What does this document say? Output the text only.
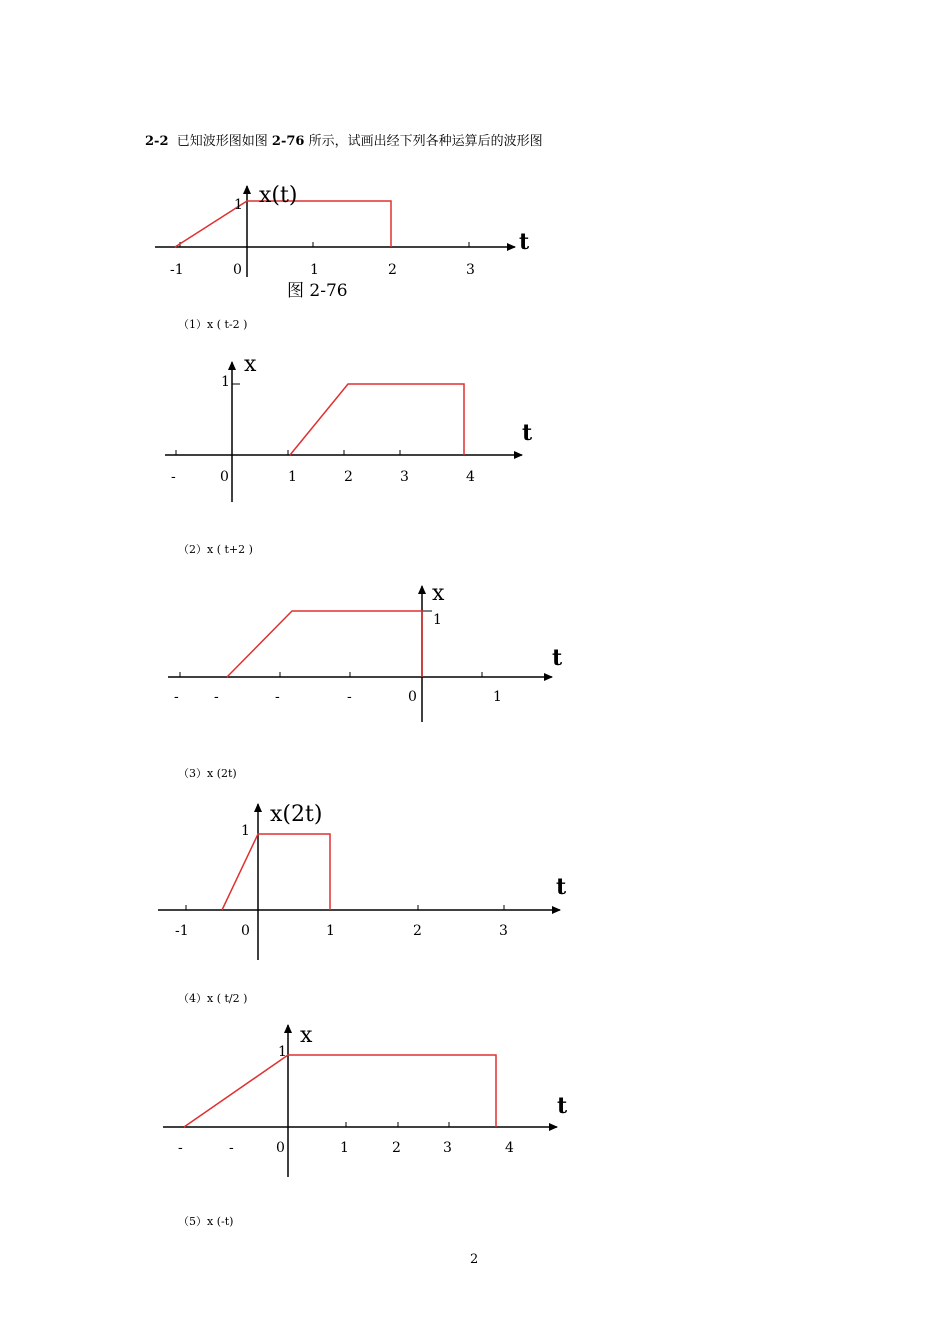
2-2 已知波形图如图 2-76 所示，试画出经下列各种运算后的波形图
（1）x ( t-2 )
（2）x ( t+2 )
（3）x (2t)
（4）x ( t/2 )
（5）x (-t)
-1	0	1	2	3
1 x(t)
t
图 2-76
-	0	1	2	3	4
1
x
t
-	-	-	-	0	1
1
x
t
-1	0	1	2	3
1
x(2t)
t
-	-	0	1	2	3	4
1
x
t
2
